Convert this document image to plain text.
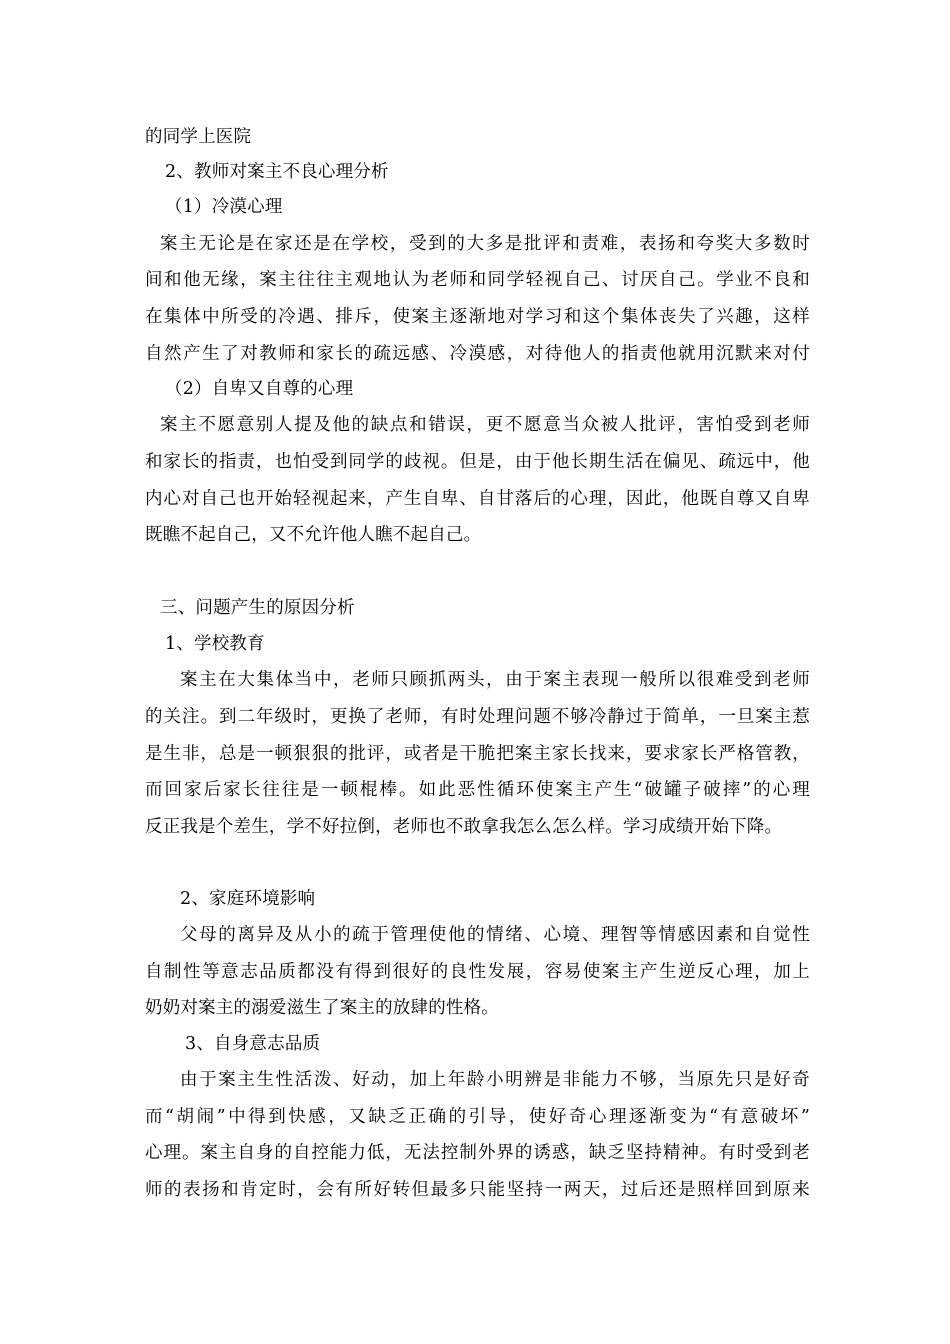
的同学上医院
2、教师对案主不良心理分析
（1）冷漠心理
案主无论是在家还是在学校，受到的大多是批评和责难，表扬和夸奖大多数时
间和他无缘，案主往往主观地认为老师和同学轻视自己、讨厌自己。学业不良和
在集体中所受的冷遇、排斥，使案主逐渐地对学习和这个集体丧失了兴趣，这样
自然产生了对教师和家长的疏远感、冷漠感，对待他人的指责他就用沉默来对付
（2）自卑又自尊的心理
案主不愿意别人提及他的缺点和错误，更不愿意当众被人批评，害怕受到老师
和家长的指责，也怕受到同学的歧视。但是，由于他长期生活在偏见、疏远中，他
内心对自己也开始轻视起来，产生自卑、自甘落后的心理，因此，他既自尊又自卑
既瞧不起自己，又不允许他人瞧不起自己。
三、问题产生的原因分析
1、学校教育
案主在大集体当中，老师只顾抓两头，由于案主表现一般所以很难受到老师
的关注。到二年级时，更换了老师，有时处理问题不够冷静过于简单，一旦案主惹
是生非，总是一顿狠狠的批评，或者是干脆把案主家长找来，要求家长严格管教，
而回家后家长往往是一顿棍棒。如此恶性循环使案主产生“破罐子破摔”的心理
反正我是个差生，学不好拉倒，老师也不敢拿我怎么怎么样。学习成绩开始下降。
2、家庭环境影响
父母的离异及从小的疏于管理使他的情绪、心境、理智等情感因素和自觉性
自制性等意志品质都没有得到很好的良性发展，容易使案主产生逆反心理，加上
奶奶对案主的溺爱滋生了案主的放肆的性格。
3、自身意志品质
由于案主生性活泼、好动，加上年龄小明辨是非能力不够，当原先只是好奇
而“胡闹”中得到快感，又缺乏正确的引导，使好奇心理逐渐变为“有意破坏”
心理。案主自身的自控能力低，无法控制外界的诱惑，缺乏坚持精神。有时受到老
师的表扬和肯定时，会有所好转但最多只能坚持一两天，过后还是照样回到原来
